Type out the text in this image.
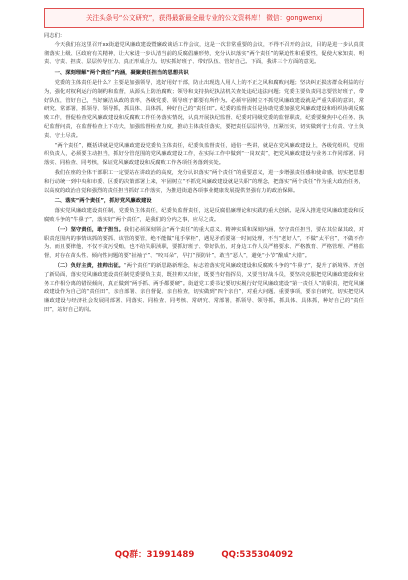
关注头条号“公文研究”，获得最新最全最专业的公文资料库！ 微信：gongwenxj

同志们：

今天我们在这里召开xx街道党风廉政建设暨廉政谈话工作会议，这是一次非常重要的会议，不得不召开的会议，目的是进一步认真贯彻落实上级、区政府有关精神，让大家进一步认清当前的反腐倡廉形势，充分认识落实“两个责任”的紧迫性和重要性，促使大家知责、明责、守责、担责、层层传导压力、真正形成合力。切实抓好班子、带好队伍、管好自己。下面，我讲三个方面的意见。

一、深刻理解“两个责任”内涵，凝聚责任担当的思想共识

党委的主体责任是什么？主要是加强领导，选好用好干部，防止出现选人用人上的不正之风和腐败问题；坚决纠正损害群众利益的行为，强化对权利运行的制约和监督，从源头上防治腐败；领导和支持执纪执法机关查处违纪违法问题；党委主要负责同志要管好班子，带好队伍，管好自己，当好廉洁从政的表率，各级党委、领导班子都要有所作为。必须牢固树立不抓党风廉政建设就是严重失职的意识，常研究、常部署，抓领导、领导抓，抓具体、具体抓，种好自己的“责任田”。纪委的监督责任是协助党委加强党风廉政建设和组织协调反腐败工作，督促检查党风廉政建设和反腐败工作任务落实情况，认真开展执纪监督、纪委对同级党委的监督职责，纪委要聚焦中心任务、执纪监督问责，在监督检查上下功夫，加强监督检查力度，推动主体责任落实，要把责任层层传导，压紧压实，切实做到守土有责、守土负责、守土尽责。

“两个责任”，概括讲就是党风廉政建设党委负主体责任，纪委负监督责任，通俗一些讲，就是在党风廉政建设上，各级党组织，党组织负责人，必须要主动担当，抓好分管范围的党风廉政建设工作，在实际工作中做到“一岗双责”，把党风廉政建设与业务工作同部署、同落实、同检查、同考核，保证党风廉政建设和反腐败工作各项任务落到实处。

我们在座的全体干部职工一定要站在讲政治的高度，充分认识落实“两个责任”的重要意义，进一步增强责任感和使命感，切实把思想和行动统一到中央和市委、区委的决策部署上来，牢固树立“不抓党风廉政建设就是失职”的理念，把落实“两个责任”作为重大政治任务，以高度的政治自觉和强烈的责任担当抓好工作落实，为推进街道各项事业健康发展提供坚强有力的政治保障。

二、落实“两个责任”，抓好党风廉政建设

落实党风廉政建设责任制，党委负主体责任，纪委负监督责任，这是反腐倡廉理论和实践的重大创新。是深入推进党风廉政建设和反腐败斗争的“牛鼻子”，落实好“两个责任”，是我们的分内之事，应尽之责。

（一）坚守责任，敢于担当。我们必须深刻领会“两个责任”的重大意义、精神实质和深刻内涵，坚守责任担当，要在其位谋其政，对职责范围内的事情该抓的要抓、该管的要管，绝不能做“甩手掌柜”，遇见矛盾要第一时间处理，不当“老好人”，不做“太平官”，不做不作为、而且要律他，不仅不贪污受贿，也不给失职渎职，要抓好班子、带好队伍，对身边工作人员严格要求、严格教育、严格管理、严格监督，对存在苗头性、倾向性问题的要“扯袖子”、“咬耳朵”，早打“预防针”，敢当“恶人”，避免“小节”酿成“大错”。

（二）负好主责，挂帅出征。“两个责任”的新思路新理念，标志着落实党风廉政建设和反腐败斗争的“牛鼻子”，提升了新境界、开创了新局面，落实党风廉政建设责任制党委要负主责，既挂帅又出征，既要当好指挥员，又要当好战斗员，要坚决克服把党风廉政建设和业务工作相分离的错误倾向，真正做到“两手抓、两手都要硬”。街道党工委书记要切实履行好党风廉政建设“第一责任人”的职责，把党风廉政建设作为自己的“责任田”，亲自部署、亲自督促、亲自检查，切实做到“四个亲自”，对重大问题、重要事项，要亲自研究，切实把党风廉政建设与经济社会发展同部署、同落实、同检查、同考核、常研究、常部署，抓领导、领导抓，抓具体、具体抓，种好自己的“责任田”，站好自己的岗。

QQ群：31991489	QQ:535304092
